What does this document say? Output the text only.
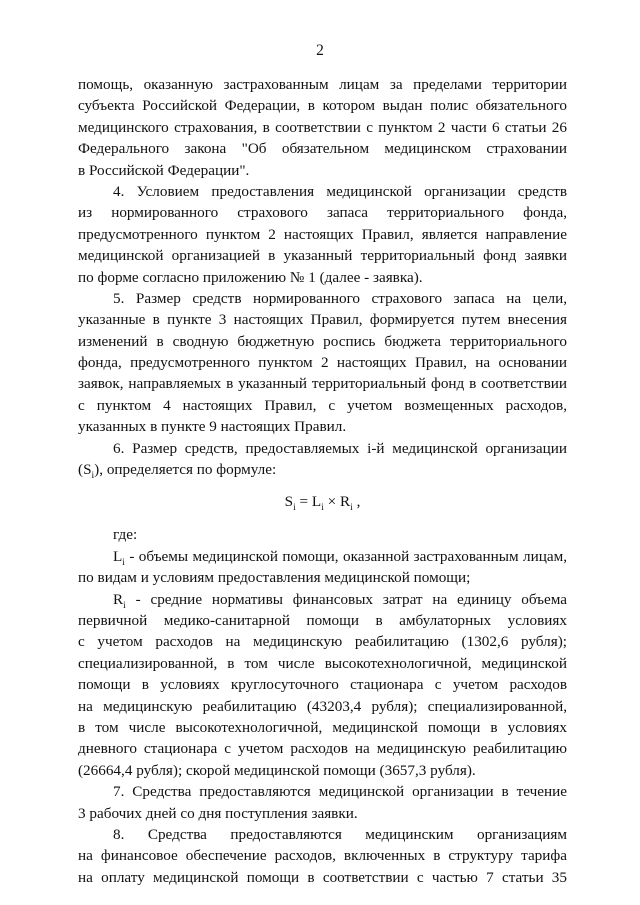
2
помощь, оказанную застрахованным лицам за пределами территории
субъекта Российской Федерации, в котором выдан полис обязательного
медицинского страхования, в соответствии с пунктом 2 части 6 статьи 26
Федерального закона "Об обязательном медицинском страховании
в Российской Федерации".
4. Условием предоставления медицинской организации средств
из нормированного страхового запаса территориального фонда,
предусмотренного пунктом 2 настоящих Правил, является направление
медицинской организацией в указанный территориальный фонд заявки
по форме согласно приложению № 1 (далее - заявка).
5. Размер средств нормированного страхового запаса на цели,
указанные в пункте 3 настоящих Правил, формируется путем внесения
изменений в сводную бюджетную роспись бюджета территориального
фонда, предусмотренного пунктом 2 настоящих Правил, на основании
заявок, направляемых в указанный территориальный фонд в соответствии
с пунктом 4 настоящих Правил, с учетом возмещенных расходов,
указанных в пункте 9 настоящих Правил.
6. Размер средств, предоставляемых i-й медицинской организации
$(S_i)$, определяется по формуле:
$S_i = L_i \times R_i$ ,
где:
$L_i$ - объемы медицинской помощи, оказанной застрахованным лицам,
по видам и условиям предоставления медицинской помощи;
$R_i$ - средние нормативы финансовых затрат на единицу объема
первичной медико-санитарной помощи в амбулаторных условиях
с учетом расходов на медицинскую реабилитацию (1302,6 рубля);
специализированной, в том числе высокотехнологичной, медицинской
помощи в условиях круглосуточного стационара с учетом расходов
на медицинскую реабилитацию (43203,4 рубля); специализированной,
в том числе высокотехнологичной, медицинской помощи в условиях
дневного стационара с учетом расходов на медицинскую реабилитацию
(26664,4 рубля); скорой медицинской помощи (3657,3 рубля).
7. Средства предоставляются медицинской организации в течение
3 рабочих дней со дня поступления заявки.
8. Средства предоставляются медицинским организациям
на финансовое обеспечение расходов, включенных в структуру тарифа
на оплату медицинской помощи в соответствии с частью 7 статьи 35
